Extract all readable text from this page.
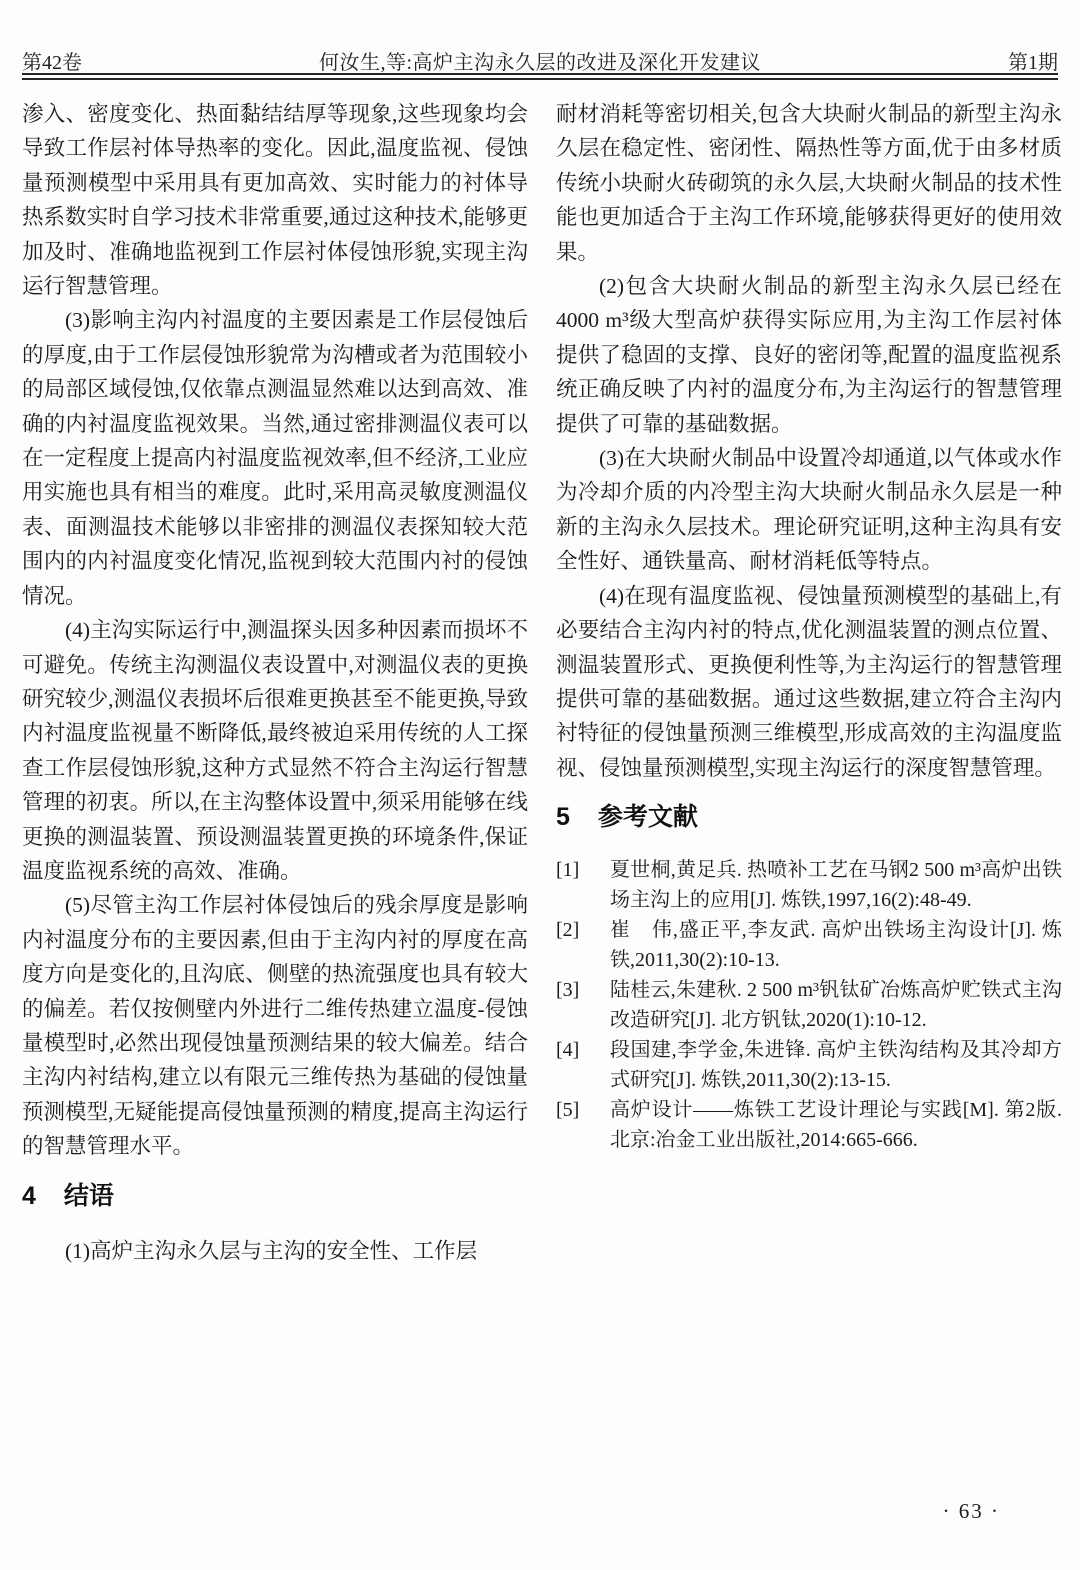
第42卷	何汝生,等:高炉主沟永久层的改进及深化开发建议	第1期

渗入、密度变化、热面黏结结厚等现象,这些现象均会导致工作层衬体导热率的变化。因此,温度监视、侵蚀量预测模型中采用具有更加高效、实时能力的衬体导热系数实时自学习技术非常重要,通过这种技术,能够更加及时、准确地监视到工作层衬体侵蚀形貌,实现主沟运行智慧管理。

(3)影响主沟内衬温度的主要因素是工作层侵蚀后的厚度,由于工作层侵蚀形貌常为沟槽或者为范围较小的局部区域侵蚀,仅依靠点测温显然难以达到高效、准确的内衬温度监视效果。当然,通过密排测温仪表可以在一定程度上提高内衬温度监视效率,但不经济,工业应用实施也具有相当的难度。此时,采用高灵敏度测温仪表、面测温技术能够以非密排的测温仪表探知较大范围内的内衬温度变化情况,监视到较大范围内衬的侵蚀情况。

(4)主沟实际运行中,测温探头因多种因素而损坏不可避免。传统主沟测温仪表设置中,对测温仪表的更换研究较少,测温仪表损坏后很难更换甚至不能更换,导致内衬温度监视量不断降低,最终被迫采用传统的人工探查工作层侵蚀形貌,这种方式显然不符合主沟运行智慧管理的初衷。所以,在主沟整体设置中,须采用能够在线更换的测温装置、预设测温装置更换的环境条件,保证温度监视系统的高效、准确。

(5)尽管主沟工作层衬体侵蚀后的残余厚度是影响内衬温度分布的主要因素,但由于主沟内衬的厚度在高度方向是变化的,且沟底、侧壁的热流强度也具有较大的偏差。若仅按侧壁内外进行二维传热建立温度-侵蚀量模型时,必然出现侵蚀量预测结果的较大偏差。结合主沟内衬结构,建立以有限元三维传热为基础的侵蚀量预测模型,无疑能提高侵蚀量预测的精度,提高主沟运行的智慧管理水平。

4 结语

(1)高炉主沟永久层与主沟的安全性、工作层

耐材消耗等密切相关,包含大块耐火制品的新型主沟永久层在稳定性、密闭性、隔热性等方面,优于由多材质传统小块耐火砖砌筑的永久层,大块耐火制品的技术性能也更加适合于主沟工作环境,能够获得更好的使用效果。

(2)包含大块耐火制品的新型主沟永久层已经在4000 m³级大型高炉获得实际应用,为主沟工作层衬体提供了稳固的支撑、良好的密闭等,配置的温度监视系统正确反映了内衬的温度分布,为主沟运行的智慧管理提供了可靠的基础数据。

(3)在大块耐火制品中设置冷却通道,以气体或水作为冷却介质的内冷型主沟大块耐火制品永久层是一种新的主沟永久层技术。理论研究证明,这种主沟具有安全性好、通铁量高、耐材消耗低等特点。

(4)在现有温度监视、侵蚀量预测模型的基础上,有必要结合主沟内衬的特点,优化测温装置的测点位置、测温装置形式、更换便利性等,为主沟运行的智慧管理提供可靠的基础数据。通过这些数据,建立符合主沟内衬特征的侵蚀量预测三维模型,形成高效的主沟温度监视、侵蚀量预测模型,实现主沟运行的深度智慧管理。

5 参考文献
[1]	夏世桐,黄足兵. 热喷补工艺在马钢2 500 m³高炉出铁场主沟上的应用[J]. 炼铁,1997,16(2):48-49.
[2]	崔　伟,盛正平,李友武. 高炉出铁场主沟设计[J]. 炼铁,2011,30(2):10-13.
[3]	陆桂云,朱建秋. 2 500 m³钒钛矿冶炼高炉贮铁式主沟改造研究[J]. 北方钒钛,2020(1):10-12.
[4]	段国建,李学金,朱进锋. 高炉主铁沟结构及其冷却方式研究[J]. 炼铁,2011,30(2):13-15.
[5]	高炉设计——炼铁工艺设计理论与实践[M]. 第2版. 北京:冶金工业出版社,2014:665-666.
· 63 ·
